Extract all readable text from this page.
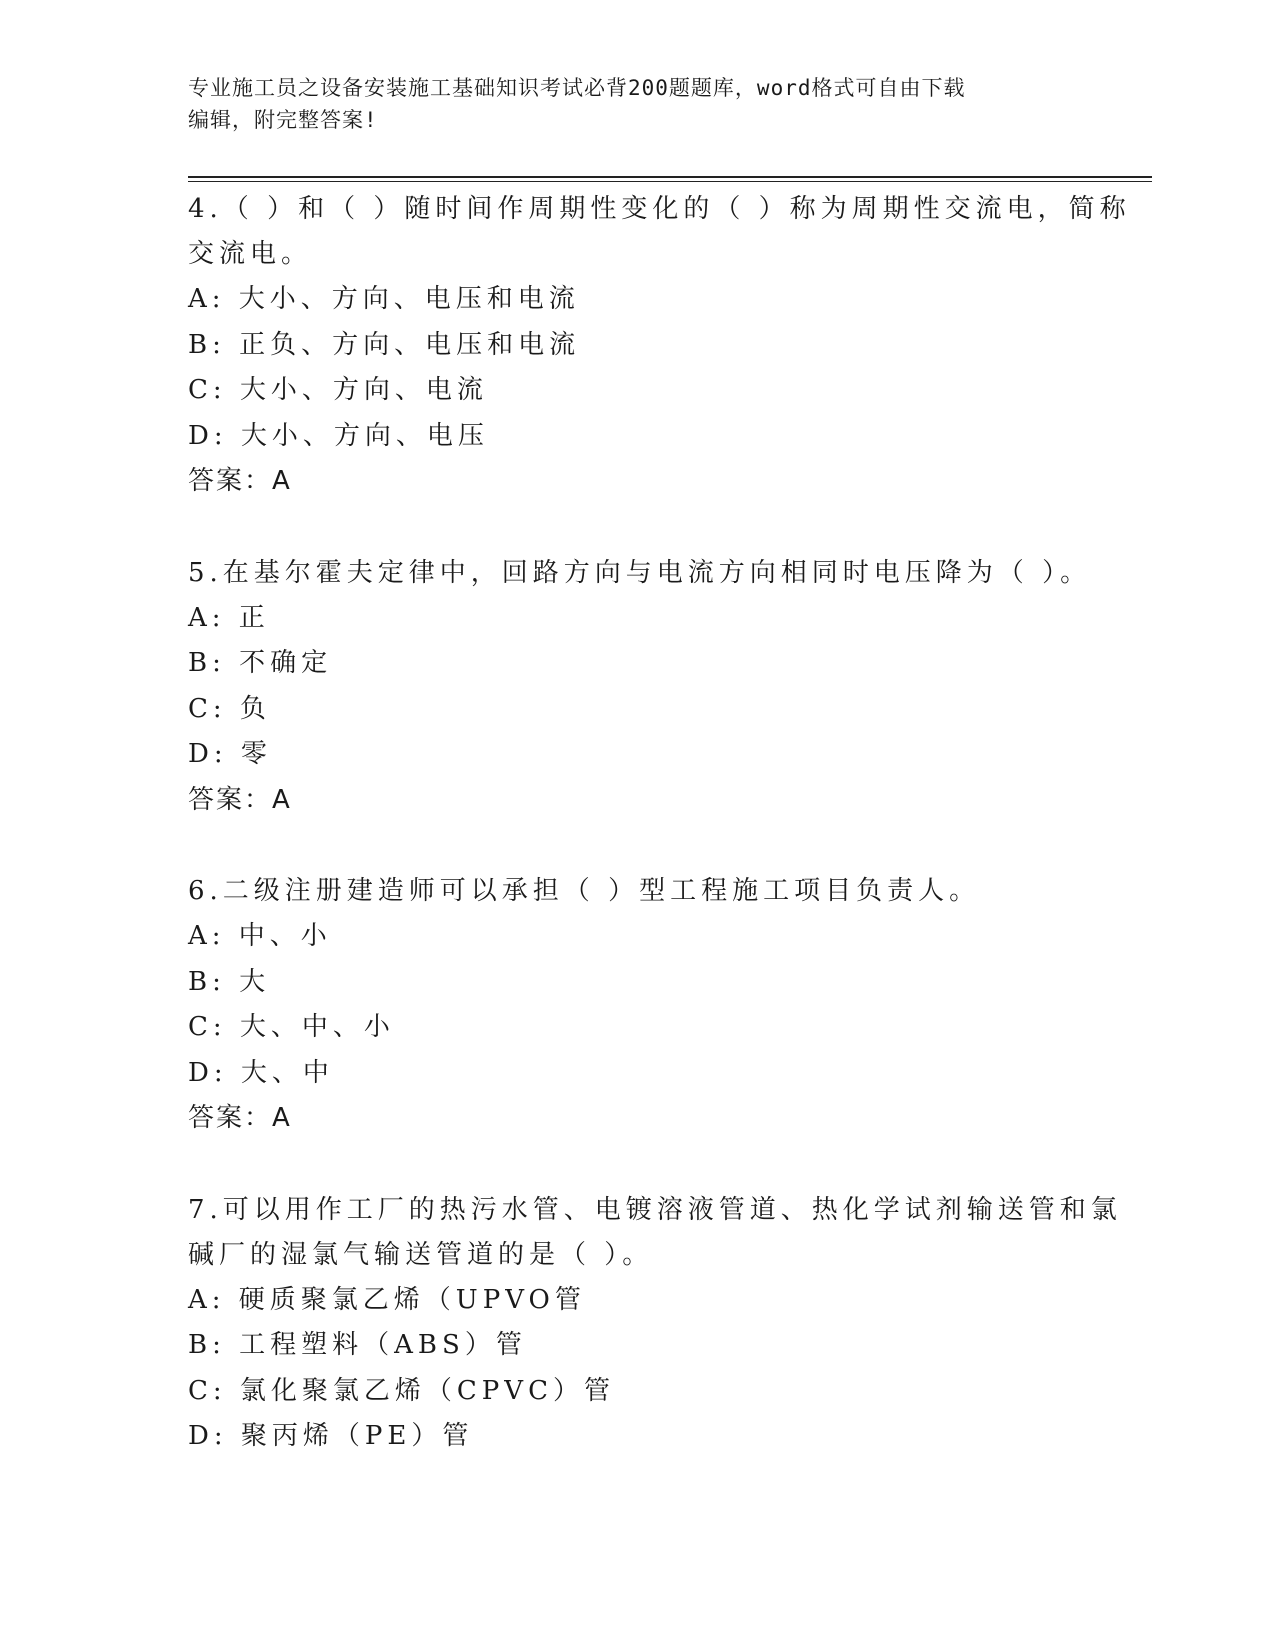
专业施工员之设备安装施工基础知识考试必背200题题库，word格式可自由下载
编辑，附完整答案!
4.（ ）和（ ）随时间作周期性变化的（ ）称为周期性交流电，简称
交流电。
A: 大小、方向、电压和电流
B: 正负、方向、电压和电流
C: 大小、方向、电流
D: 大小、方向、电压
答案：A
5.在基尔霍夫定律中，回路方向与电流方向相同时电压降为（ ）。
A: 正
B: 不确定
C: 负
D: 零
答案：A
6.二级注册建造师可以承担（ ）型工程施工项目负责人。
A: 中、小
B: 大
C: 大、中、小
D: 大、中
答案：A
7.可以用作工厂的热污水管、电镀溶液管道、热化学试剂输送管和氯
碱厂的湿氯气输送管道的是（ ）。
A: 硬质聚氯乙烯（UPVO管
B: 工程塑料（ABS）管
C: 氯化聚氯乙烯（CPVC）管
D: 聚丙烯（PE）管
